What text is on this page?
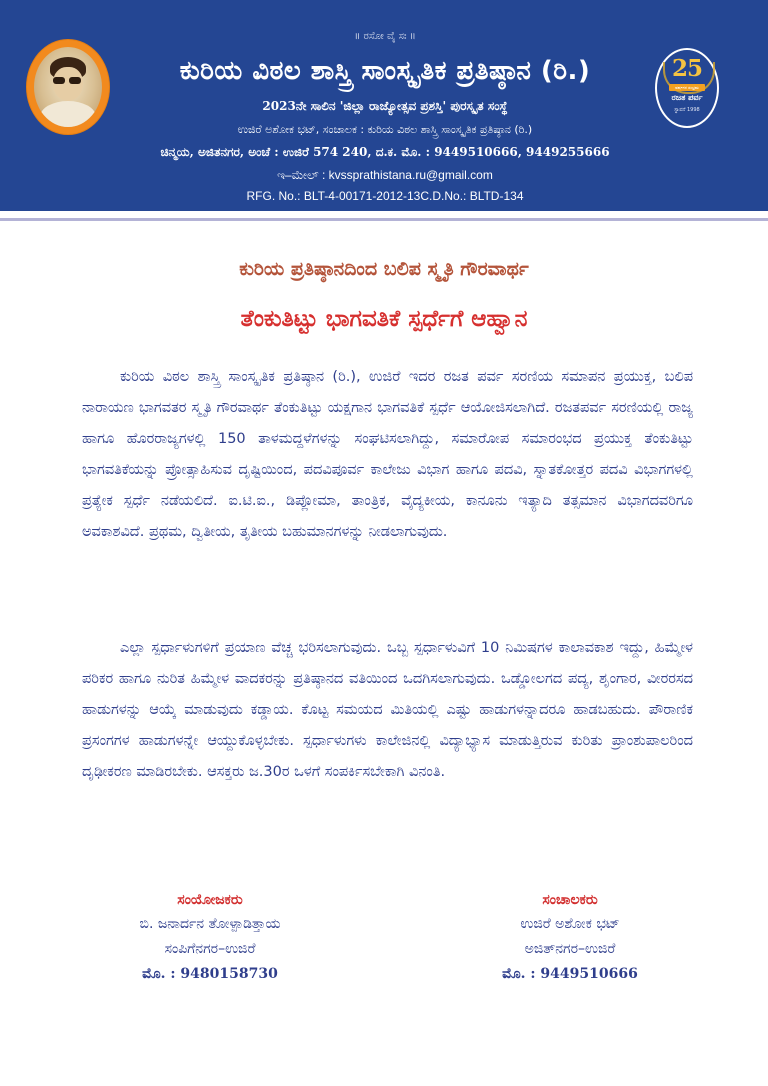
॥ ರಸೋ ವೈ ಸಃ ॥
ಕುರಿಯ ವಿಠಲ ಶಾಸ್ತ್ರಿ ಸಾಂಸ್ಕೃತಿಕ ಪ್ರತಿಷ್ಠಾನ (ರಿ.)
2023ನೇ ಸಾಲಿನ 'ಜಿಲ್ಲಾ ರಾಜ್ಯೋತ್ಸವ ಪ್ರಶಸ್ತಿ' ಪುರಸ್ಕೃತ ಸಂಸ್ಥೆ
ಉಜಿರೆ ಅಶೋಕ ಭಟ್, ಸಂಚಾಲಕ : ಕುರಿಯ ವಿಠಲ ಶಾಸ್ತ್ರಿ ಸಾಂಸ್ಕೃತಿಕ ಪ್ರತಿಷ್ಠಾನ (ರಿ.)
ಚಿನ್ಮಯ, ಅಜಿತನಗರ, ಅಂಚೆ : ಉಜಿರೆ 574 240, ದ.ಕ. ಮೊ. : 9449510666, 9449255666
ಇ–ಮೇಲ್ : kvssprathistana.ru@gmail.com
RFG. No.: BLT-4-00171-2012-13C.D.No.: BLTD-134
25
ವರ್ಷಗಳ ಸಂಭ್ರಮ
ರಜತ ಪರ್ವ
ಸ್ಥಾಪನೆ 1998
ಕುರಿಯ ಪ್ರತಿಷ್ಠಾನದಿಂದ ಬಲಿಪ ಸ್ಮೃತಿ ಗೌರವಾರ್ಥ
ತೆಂಕುತಿಟ್ಟು ಭಾಗವತಿಕೆ ಸ್ಪರ್ಧೆಗೆ ಆಹ್ವಾನ

ಕುರಿಯ ವಿಠಲ ಶಾಸ್ತ್ರಿ ಸಾಂಸ್ಕೃತಿಕ ಪ್ರತಿಷ್ಠಾನ (ರಿ.), ಉಜಿರೆ ಇದರ ರಜತ ಪರ್ವ ಸರಣಿಯ ಸಮಾಪನ ಪ್ರಯುಕ್ತ, ಬಲಿಪ ನಾರಾಯಣ ಭಾಗವತರ ಸ್ಮೃತಿ ಗೌರವಾರ್ಥ ತೆಂಕುತಿಟ್ಟು ಯಕ್ಷಗಾನ ಭಾಗವತಿಕೆ ಸ್ಪರ್ಧೆ ಆಯೋಜಿಸಲಾಗಿದೆ. ರಜತಪರ್ವ ಸರಣಿಯಲ್ಲಿ ರಾಜ್ಯ ಹಾಗೂ ಹೊರರಾಜ್ಯಗಳಲ್ಲಿ 150 ತಾಳಮದ್ದಳೆಗಳನ್ನು ಸಂಘಟಿಸಲಾಗಿದ್ದು, ಸಮಾರೋಪ ಸಮಾರಂಭದ ಪ್ರಯುಕ್ತ ತೆಂಕುತಿಟ್ಟು ಭಾಗವತಿಕೆಯನ್ನು ಪ್ರೋತ್ಸಾಹಿಸುವ ದೃಷ್ಟಿಯಿಂದ, ಪದವಿಪೂರ್ವ ಕಾಲೇಜು ವಿಭಾಗ ಹಾಗೂ ಪದವಿ, ಸ್ನಾತಕೋತ್ತರ ಪದವಿ ವಿಭಾಗಗಳಲ್ಲಿ ಪ್ರತ್ಯೇಕ ಸ್ಪರ್ಧೆ ನಡೆಯಲಿದೆ. ಐ.ಟಿ.ಐ., ಡಿಪ್ಲೋಮಾ, ತಾಂತ್ರಿಕ, ವೈದ್ಯಕೀಯ, ಕಾನೂನು ಇತ್ಯಾದಿ ತತ್ಸಮಾನ ವಿಭಾಗದವರಿಗೂ ಅವಕಾಶವಿದೆ. ಪ್ರಥಮ, ದ್ವಿತೀಯ, ತೃತೀಯ ಬಹುಮಾನಗಳನ್ನು ನೀಡಲಾಗುವುದು.

ಎಲ್ಲಾ ಸ್ಪರ್ಧಾಳುಗಳಿಗೆ ಪ್ರಯಾಣ ವೆಚ್ಚ ಭರಿಸಲಾಗುವುದು. ಒಬ್ಬ ಸ್ಪರ್ಧಾಳುವಿಗೆ 10 ನಿಮಿಷಗಳ ಕಾಲಾವಕಾಶ ಇದ್ದು, ಹಿಮ್ಮೇಳ ಪರಿಕರ ಹಾಗೂ ನುರಿತ ಹಿಮ್ಮೇಳ ವಾದಕರನ್ನು ಪ್ರತಿಷ್ಠಾನದ ವತಿಯಿಂದ ಒದಗಿಸಲಾಗುವುದು. ಒಡ್ಡೋಲಗದ ಪದ್ಯ, ಶೃಂಗಾರ, ವೀರರಸದ ಹಾಡುಗಳನ್ನು ಆಯ್ಕೆ ಮಾಡುವುದು ಕಡ್ಡಾಯ. ಕೊಟ್ಟ ಸಮಯದ ಮಿತಿಯಲ್ಲಿ ಎಷ್ಟು ಹಾಡುಗಳನ್ನಾದರೂ ಹಾಡಬಹುದು. ಪೌರಾಣಿಕ ಪ್ರಸಂಗಗಳ ಹಾಡುಗಳನ್ನೇ ಆಯ್ದುಕೊಳ್ಳಬೇಕು. ಸ್ಪರ್ಧಾಳುಗಳು ಕಾಲೇಜಿನಲ್ಲಿ ವಿದ್ಯಾಭ್ಯಾಸ ಮಾಡುತ್ತಿರುವ ಕುರಿತು ಪ್ರಾಂಶುಪಾಲರಿಂದ ದೃಢೀಕರಣ ಮಾಡಿರಬೇಕು. ಆಸಕ್ತರು ಜ.30ರ ಒಳಗೆ ಸಂಪರ್ಕಿಸಬೇಕಾಗಿ ವಿನಂತಿ.

ಸಂಯೋಜಕರು
ಬಿ. ಜನಾರ್ದನ ತೋಳ್ಪಾಡಿತ್ತಾಯ
ಸಂಪಿಗೆನಗರ–ಉಜಿರೆ
ಮೊ. : 9480158730
ಸಂಚಾಲಕರು
ಉಜಿರೆ ಅಶೋಕ ಭಟ್
ಅಜಿತ್‌ನಗರ–ಉಜಿರೆ
ಮೊ. : 9449510666
